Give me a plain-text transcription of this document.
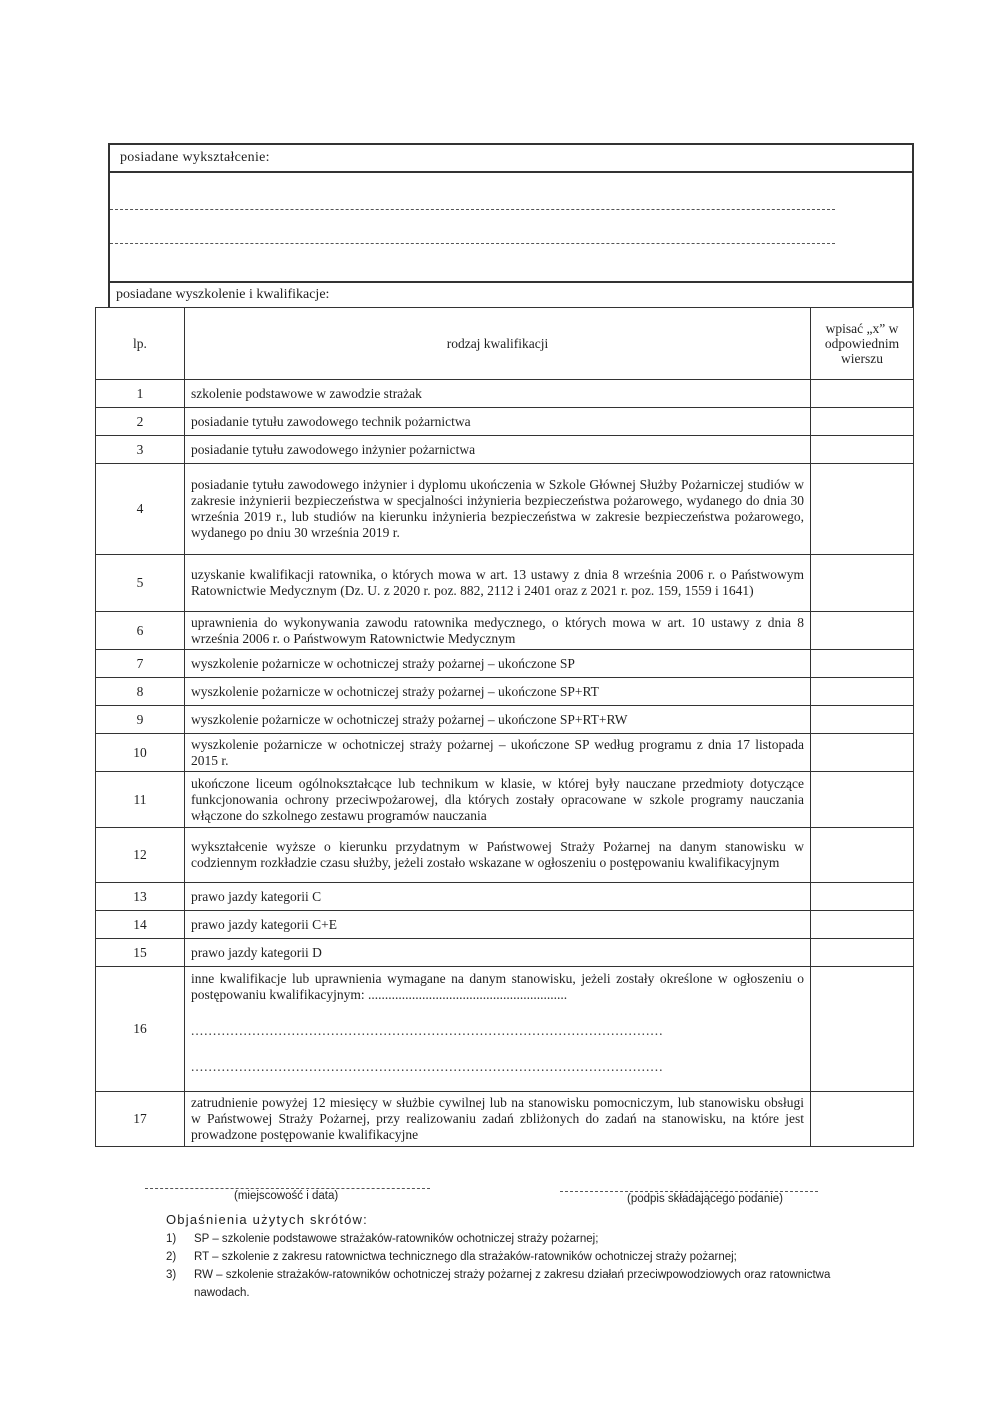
posiadane wykształcenie:
posiadane wyszkolenie i kwalifikacje:
lp.	rodzaj kwalifikacji	wpisać „x” w odpowiednim wierszu
1	szkolenie podstawowe w zawodzie strażak	
2	posiadanie tytułu zawodowego technik pożarnictwa	
3	posiadanie tytułu zawodowego inżynier pożarnictwa	
4	posiadanie tytułu zawodowego inżynier i dyplomu ukończenia w Szkole Głównej Służby Pożarniczej studiów w zakresie inżynierii bezpieczeństwa w specjalności inżynieria bezpieczeństwa pożarowego, wydanego do dnia 30 września 2019 r., lub studiów na kierunku inżynieria bezpieczeństwa w zakresie bezpieczeństwa pożarowego, wydanego po dniu 30 września 2019 r.	
5	uzyskanie kwalifikacji ratownika, o których mowa w art. 13 ustawy z dnia 8 września 2006 r. o Państwowym Ratownictwie Medycznym (Dz. U. z 2020 r. poz. 882, 2112 i 2401 oraz z 2021 r. poz. 159, 1559 i 1641)	
6	uprawnienia do wykonywania zawodu ratownika medycznego, o których mowa w art. 10 ustawy z dnia 8 września 2006 r. o Państwowym Ratownictwie Medycznym	
7	wyszkolenie pożarnicze w ochotniczej straży pożarnej – ukończone SP	
8	wyszkolenie pożarnicze w ochotniczej straży pożarnej – ukończone SP+RT	
9	wyszkolenie pożarnicze w ochotniczej straży pożarnej – ukończone SP+RT+RW	
10	wyszkolenie pożarnicze w ochotniczej straży pożarnej – ukończone SP według programu z dnia 17 listopada 2015 r.	
11	ukończone liceum ogólnokształcące lub technikum w klasie, w której były nauczane przedmioty dotyczące funkcjonowania ochrony przeciwpożarowej, dla których zostały opracowane w szkole programy nauczania włączone do szkolnego zestawu programów nauczania	
12	wykształcenie wyższe o kierunku przydatnym w Państwowej Straży Pożarnej na danym stanowisku w codziennym rozkładzie czasu służby, jeżeli zostało wskazane w ogłoszeniu o postępowaniu kwalifikacyjnym	
13	prawo jazdy kategorii C	
14	prawo jazdy kategorii C+E	
15	prawo jazdy kategorii D	
16	inne kwalifikacje lub uprawnienia wymagane na danym stanowisku, jeżeli zostały określone w ogłoszeniu o postępowaniu kwalifikacyjnym: ...........................................................
............................................................................................................
............................................................................................................	

17	zatrudnienie powyżej 12 miesięcy w służbie cywilnej lub na stanowisku pomocniczym, lub stanowisku obsługi w Państwowej Straży Pożarnej, przy realizowaniu zadań zbliżonych do zadań na stanowisku, na które jest prowadzone postępowanie kwalifikacyjne	
(miejscowość i data)	(podpis składającego podanie)
Objaśnienia użytych skrótów:
1)	SP – szkolenie podstawowe strażaków-ratowników ochotniczej straży pożarnej;
2)	RT – szkolenie z zakresu ratownictwa technicznego dla strażaków-ratowników ochotniczej straży pożarnej;
3)	RW – szkolenie strażaków-ratowników ochotniczej straży pożarnej z zakresu działań przeciwpowodziowych oraz ratownictwa nawodach.
